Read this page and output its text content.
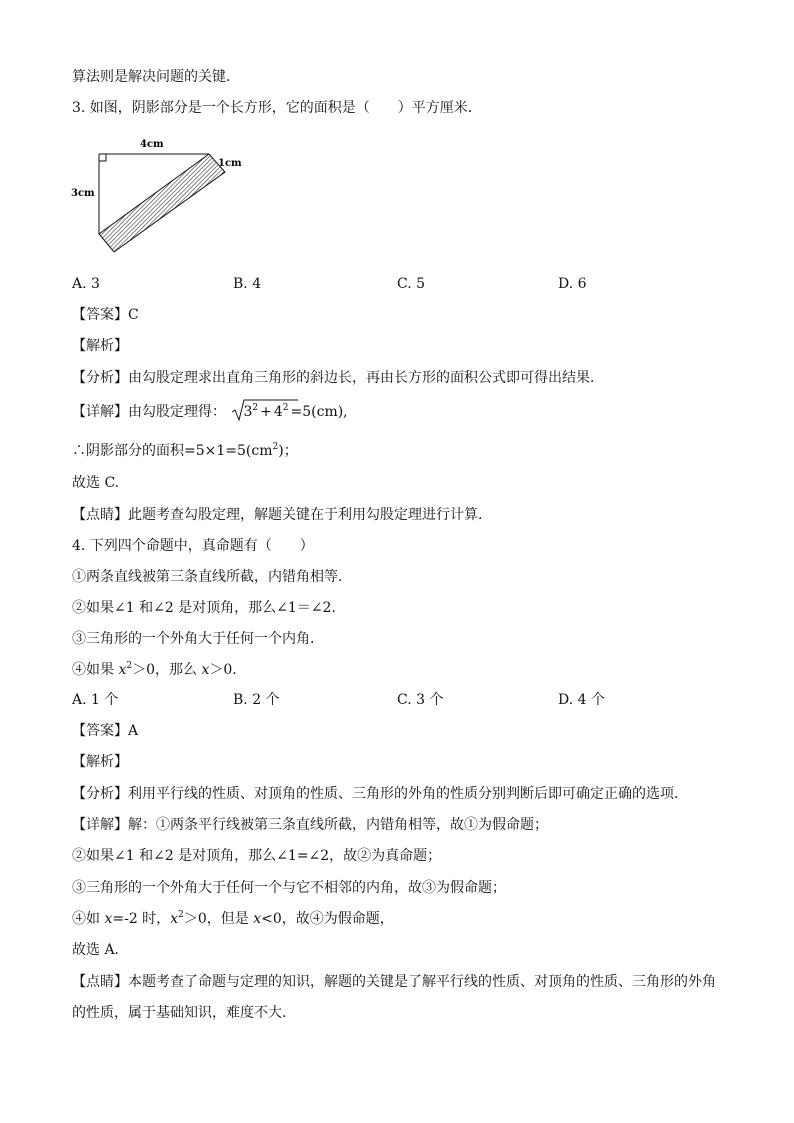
算法则是解决问题的关键．
3. 如图，阴影部分是一个长方形，它的面积是（　　）平方厘米．
4cm
3cm
1cm
A. 3	B. 4	C. 5	D. 6
【答案】C
【解析】
【分析】由勾股定理求出直角三角形的斜边长，再由长方形的面积公式即可得出结果．
【详解】由勾股定理得： $3^2 + 4^2 =5(cm)$,
∴阴影部分的面积$=5\times 1=5(cm^2)$；
故选 C.
【点睛】此题考查勾股定理，解题关键在于利用勾股定理进行计算.
4. 下列四个命题中，真命题有（　　）
①两条直线被第三条直线所截，内错角相等．
②如果∠1 和∠2 是对顶角，那么∠1＝∠2．
③三角形的一个外角大于任何一个内角．
④如果 $x^2>0$，那么 x＞0．
A. 1 个	B. 2 个	C. 3 个	D. 4 个
【答案】A
【解析】
【分析】利用平行线的性质、对顶角的性质、三角形的外角的性质分别判断后即可确定正确的选项．
【详解】解：①两条平行线被第三条直线所截，内错角相等，故①为假命题；
②如果∠1 和∠2 是对顶角，那么∠1=∠2，故②为真命题；
③三角形的一个外角大于任何一个与它不相邻的内角，故③为假命题；
④如 x=-2 时，$x^2>0$，但是 x<0，故④为假命题，
故选 A．
【点睛】本题考查了命题与定理的知识，解题的关键是了解平行线的性质、对顶角的性质、三角形的外角
的性质，属于基础知识，难度不大．
